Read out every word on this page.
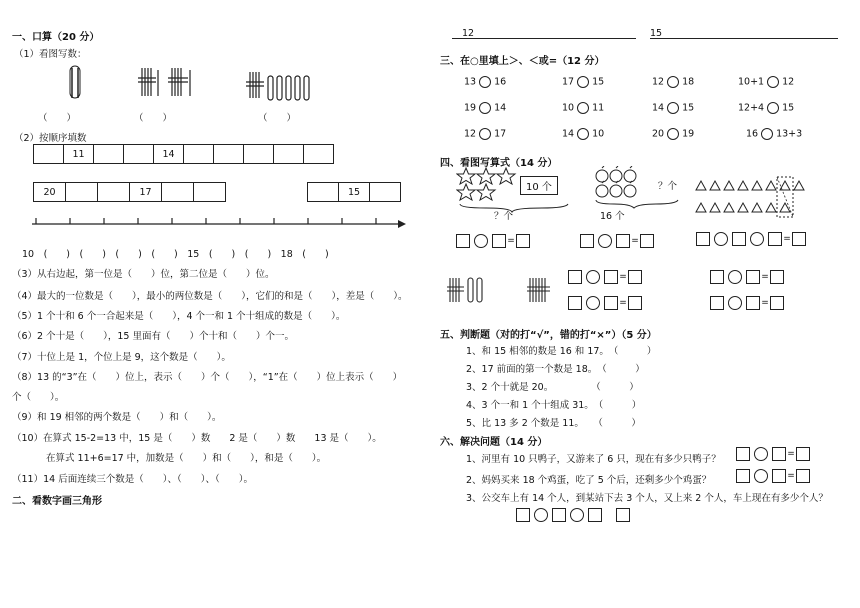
一、口算（20 分）
（1）看图写数：
（　　）	（　　）	（　　）
（2）按顺序填数
11	14
20	17	15
10　(　　)　(　　)　(　　)　(　　)　15　(　　)　(　　)　18　(　　)
（3）从右边起，第一位是（　　）位，第二位是（　　）位。
（4）最大的一位数是（　　），最小的两位数是（　　），它们的和是（　　），差是（　　）。
（5）1 个十和 6 个一合起来是（　　），4 个一和 1 个十组成的数是（　　）。
（6）2 个十是（　　），15 里面有（　　）个十和（　　）个一。
（7）十位上是 1，个位上是 9，这个数是（　　）。
（8）13 的“3”在（　　）位上，表示（　　）个（　　），“1”在（　　）位上表示（　　）
个（　　）。
（9）和 19 相邻的两个数是（　　）和（　　）。
（10）在算式 15-2=13 中，15 是（　　）数　　2 是（　　）数　　13 是（　　）。
在算式 11+6=17 中，加数是（　　）和（　　），和是（　　）。
（11）14 后面连续三个数是（　　）、（　　）、（　　）。
二、看数字画三角形
12	15
三、在○里填上＞、＜或=（12 分）
13 16	17 15	12 18	10+1 12
19 14	10 11	14 15	12+4 15
12 17	14 10	20 19	16 13+3
四、看图写算式（14 分）
10 个
？个
？个
16 个
=	=	=
=	=
=	=
五、判断题（对的打“√”，错的打“×”）（5 分）
1、和 15 相邻的数是 16 和 17。　（　　　）
2、17 前面的第一个数是 18。　（　　　）
3、2 个十就是 20。　　　　　（　　　）
4、3 个一和 1 个十组成 31。　（　　　）
5、比 13 多 2 个数是 11。　　（　　　）
六、解决问题（14 分）
1、河里有 10 只鸭子，又游来了 6 只，现在有多少只鸭子？	=
2、妈妈买来 18 个鸡蛋，吃了 5 个后，还剩多少个鸡蛋？	=
3、公交车上有 14 个人，到某站下去 3 个人，又上来 2 个人，车上现在有多少个人？
